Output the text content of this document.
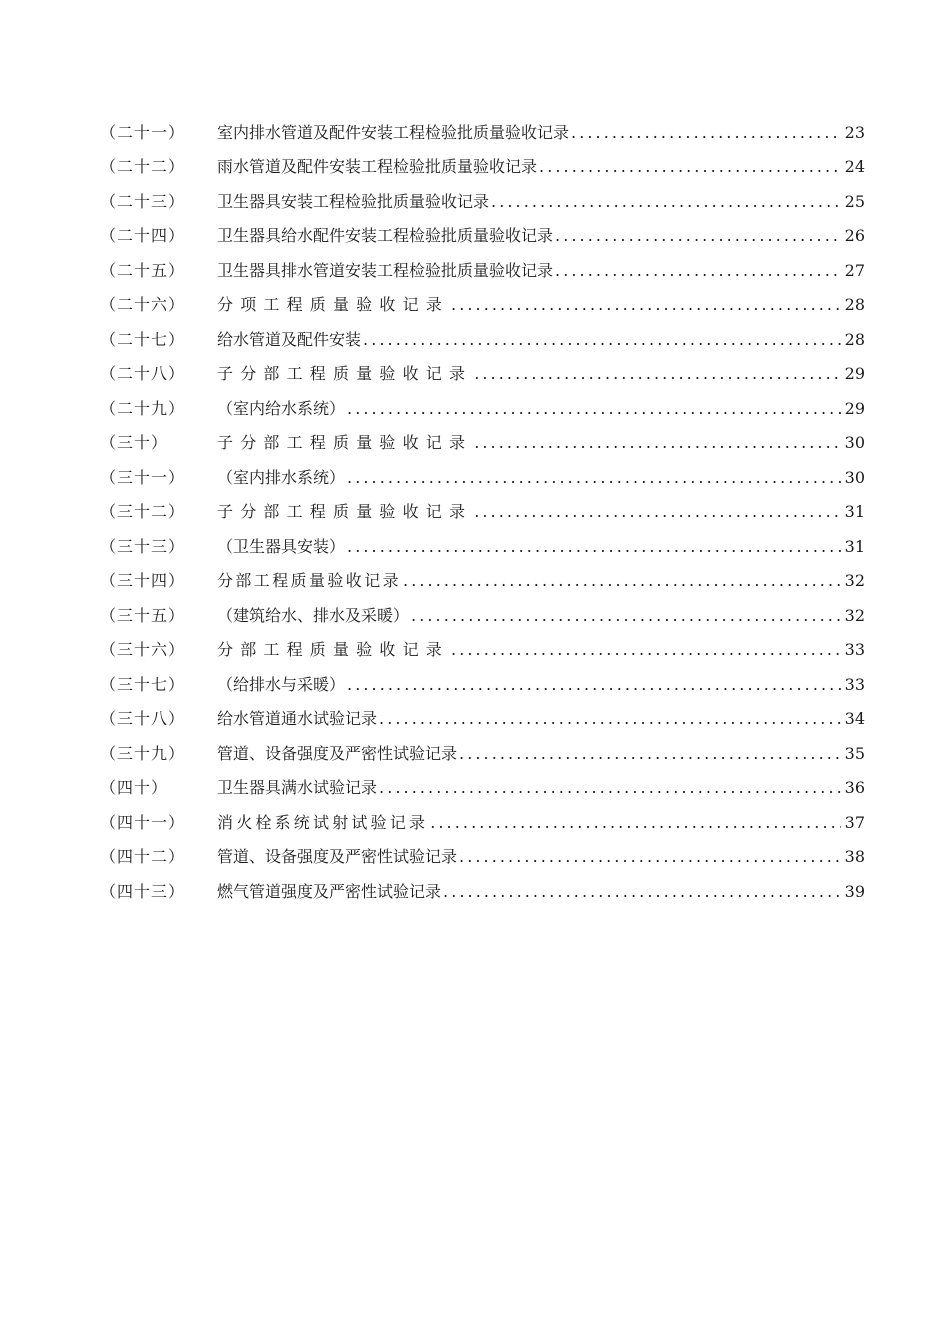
（二十一）	室内排水管道及配件安装工程检验批质量验收记录 . . .	23
（二十二）	雨水管道及配件安装工程检验批质量验收记录 . . .	24
（二十三）	卫生器具安装工程检验批质量验收记录 . . .	25
（二十四）	卫生器具给水配件安装工程检验批质量验收记录 . . .	26
（二十五）	卫生器具排水管道安装工程检验批质量验收记录 . . .	27
（二十六）	分项工程质量验收记录 . . .	28
（二十七）	给水管道及配件安装 . . .	28
（二十八）	子分部工程质量验收记录 . . .	29
（二十九）	（室内给水系统） . . .	29
（三十）	子分部工程质量验收记录 . . .	30
（三十一）	（室内排水系统） . . .	30
（三十二）	子分部工程质量验收记录 . . .	31
（三十三）	（卫生器具安装） . . .	31
（三十四）	分部工程质量验收记录 . . .	32
（三十五）	（建筑给水、排水及采暖） . . .	32
（三十六）	分部工程质量验收记录 . . .	33
（三十七）	（给排水与采暖） . . .	33
（三十八）	给水管道通水试验记录 . . .	34
（三十九）	管道、设备强度及严密性试验记录 . . .	35
（四十）	卫生器具满水试验记录 . . .	36
（四十一）	消火栓系统试射试验记录 . . .	37
（四十二）	管道、设备强度及严密性试验记录 . . .	38
（四十三）	燃气管道强度及严密性试验记录 . . .	39
